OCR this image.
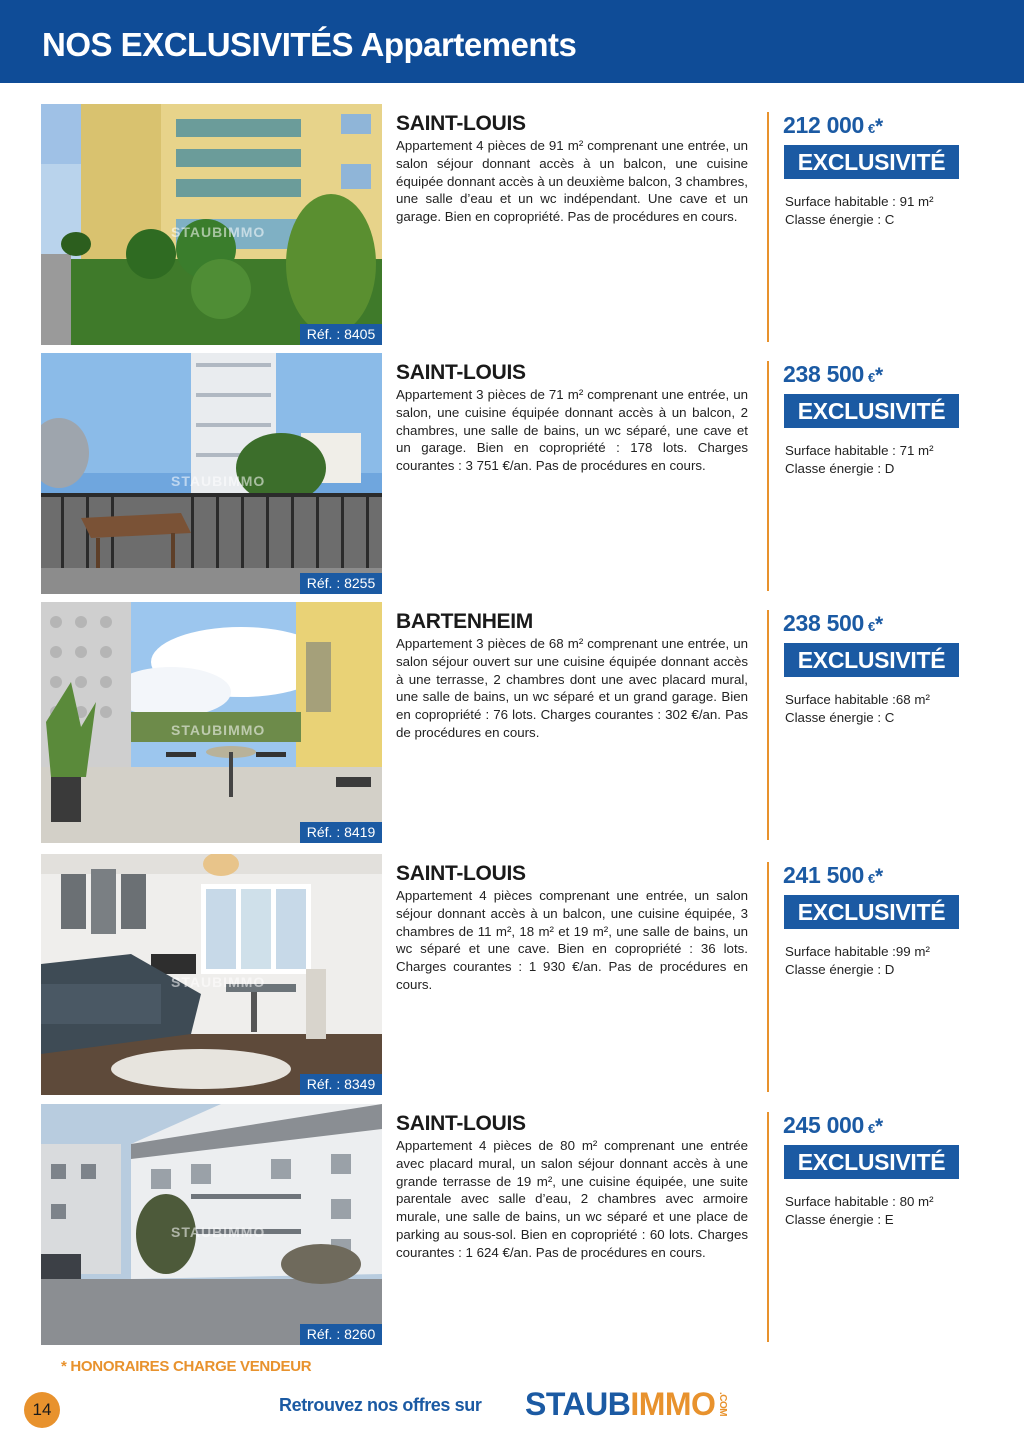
NOS EXCLUSIVITÉS Appartements
STAUBIMMO
Réf. : 8405
SAINT-LOUIS
Appartement 4 pièces de 91 m² comprenant une entrée, un salon séjour donnant accès à un balcon, une cuisine équipée donnant accès à un deuxième balcon, 3 chambres, une salle d’eau et un wc indépendant. Une cave et un garage. Bien en copropriété. Pas de procédures en cours.
212 000 €*
EXCLUSIVITÉ
Surface habitable : 91 m²
Classe énergie : C
STAUBIMMO
Réf. : 8255
SAINT-LOUIS
Appartement 3 pièces de 71 m² comprenant une entrée, un salon, une cuisine équipée donnant accès à un balcon, 2 chambres, une salle de bains, un wc séparé, une cave et un garage. Bien en copropriété : 178 lots. Charges courantes : 3 751 €/an. Pas de procédures en cours.
238 500 €*
EXCLUSIVITÉ
Surface habitable : 71 m²
Classe énergie : D
STAUBIMMO
Réf. : 8419
BARTENHEIM
Appartement 3 pièces de 68 m² comprenant une entrée, un salon séjour ouvert sur une cuisine équipée donnant accès à une terrasse, 2 chambres dont une avec placard mural, une salle de bains, un wc séparé et un grand garage. Bien en copropriété : 76 lots. Charges courantes : 302 €/an. Pas de procédures en cours.
238 500 €*
EXCLUSIVITÉ
Surface habitable :68 m²
Classe énergie : C
STAUBIMMO
Réf. : 8349
SAINT-LOUIS
Appartement 4 pièces comprenant une entrée, un salon séjour donnant accès à un balcon, une cuisine équipée, 3 chambres de 11 m², 18 m² et 19 m², une salle de bains, un wc séparé et une cave. Bien en copropriété : 36 lots. Charges courantes : 1 930 €/an. Pas de procédures en cours.
241 500 €*
EXCLUSIVITÉ
Surface habitable :99 m²
Classe énergie : D
STAUBIMMO
Réf. : 8260
SAINT-LOUIS
Appartement 4 pièces de 80 m² comprenant une entrée avec placard mural, un salon séjour donnant accès à une grande terrasse de 19 m², une cuisine équipée, une suite parentale avec salle d’eau, 2 chambres avec armoire murale, une salle de bains, un wc séparé et une place de parking au sous-sol. Bien en copropriété : 60 lots. Charges courantes : 1 624 €/an. Pas de procédures en cours.
245 000 €*
EXCLUSIVITÉ
Surface habitable : 80 m²
Classe énergie : E
* HONORAIRES CHARGE VENDEUR
14	Retrouvez nos offres sur STAUBIMMO .COM
